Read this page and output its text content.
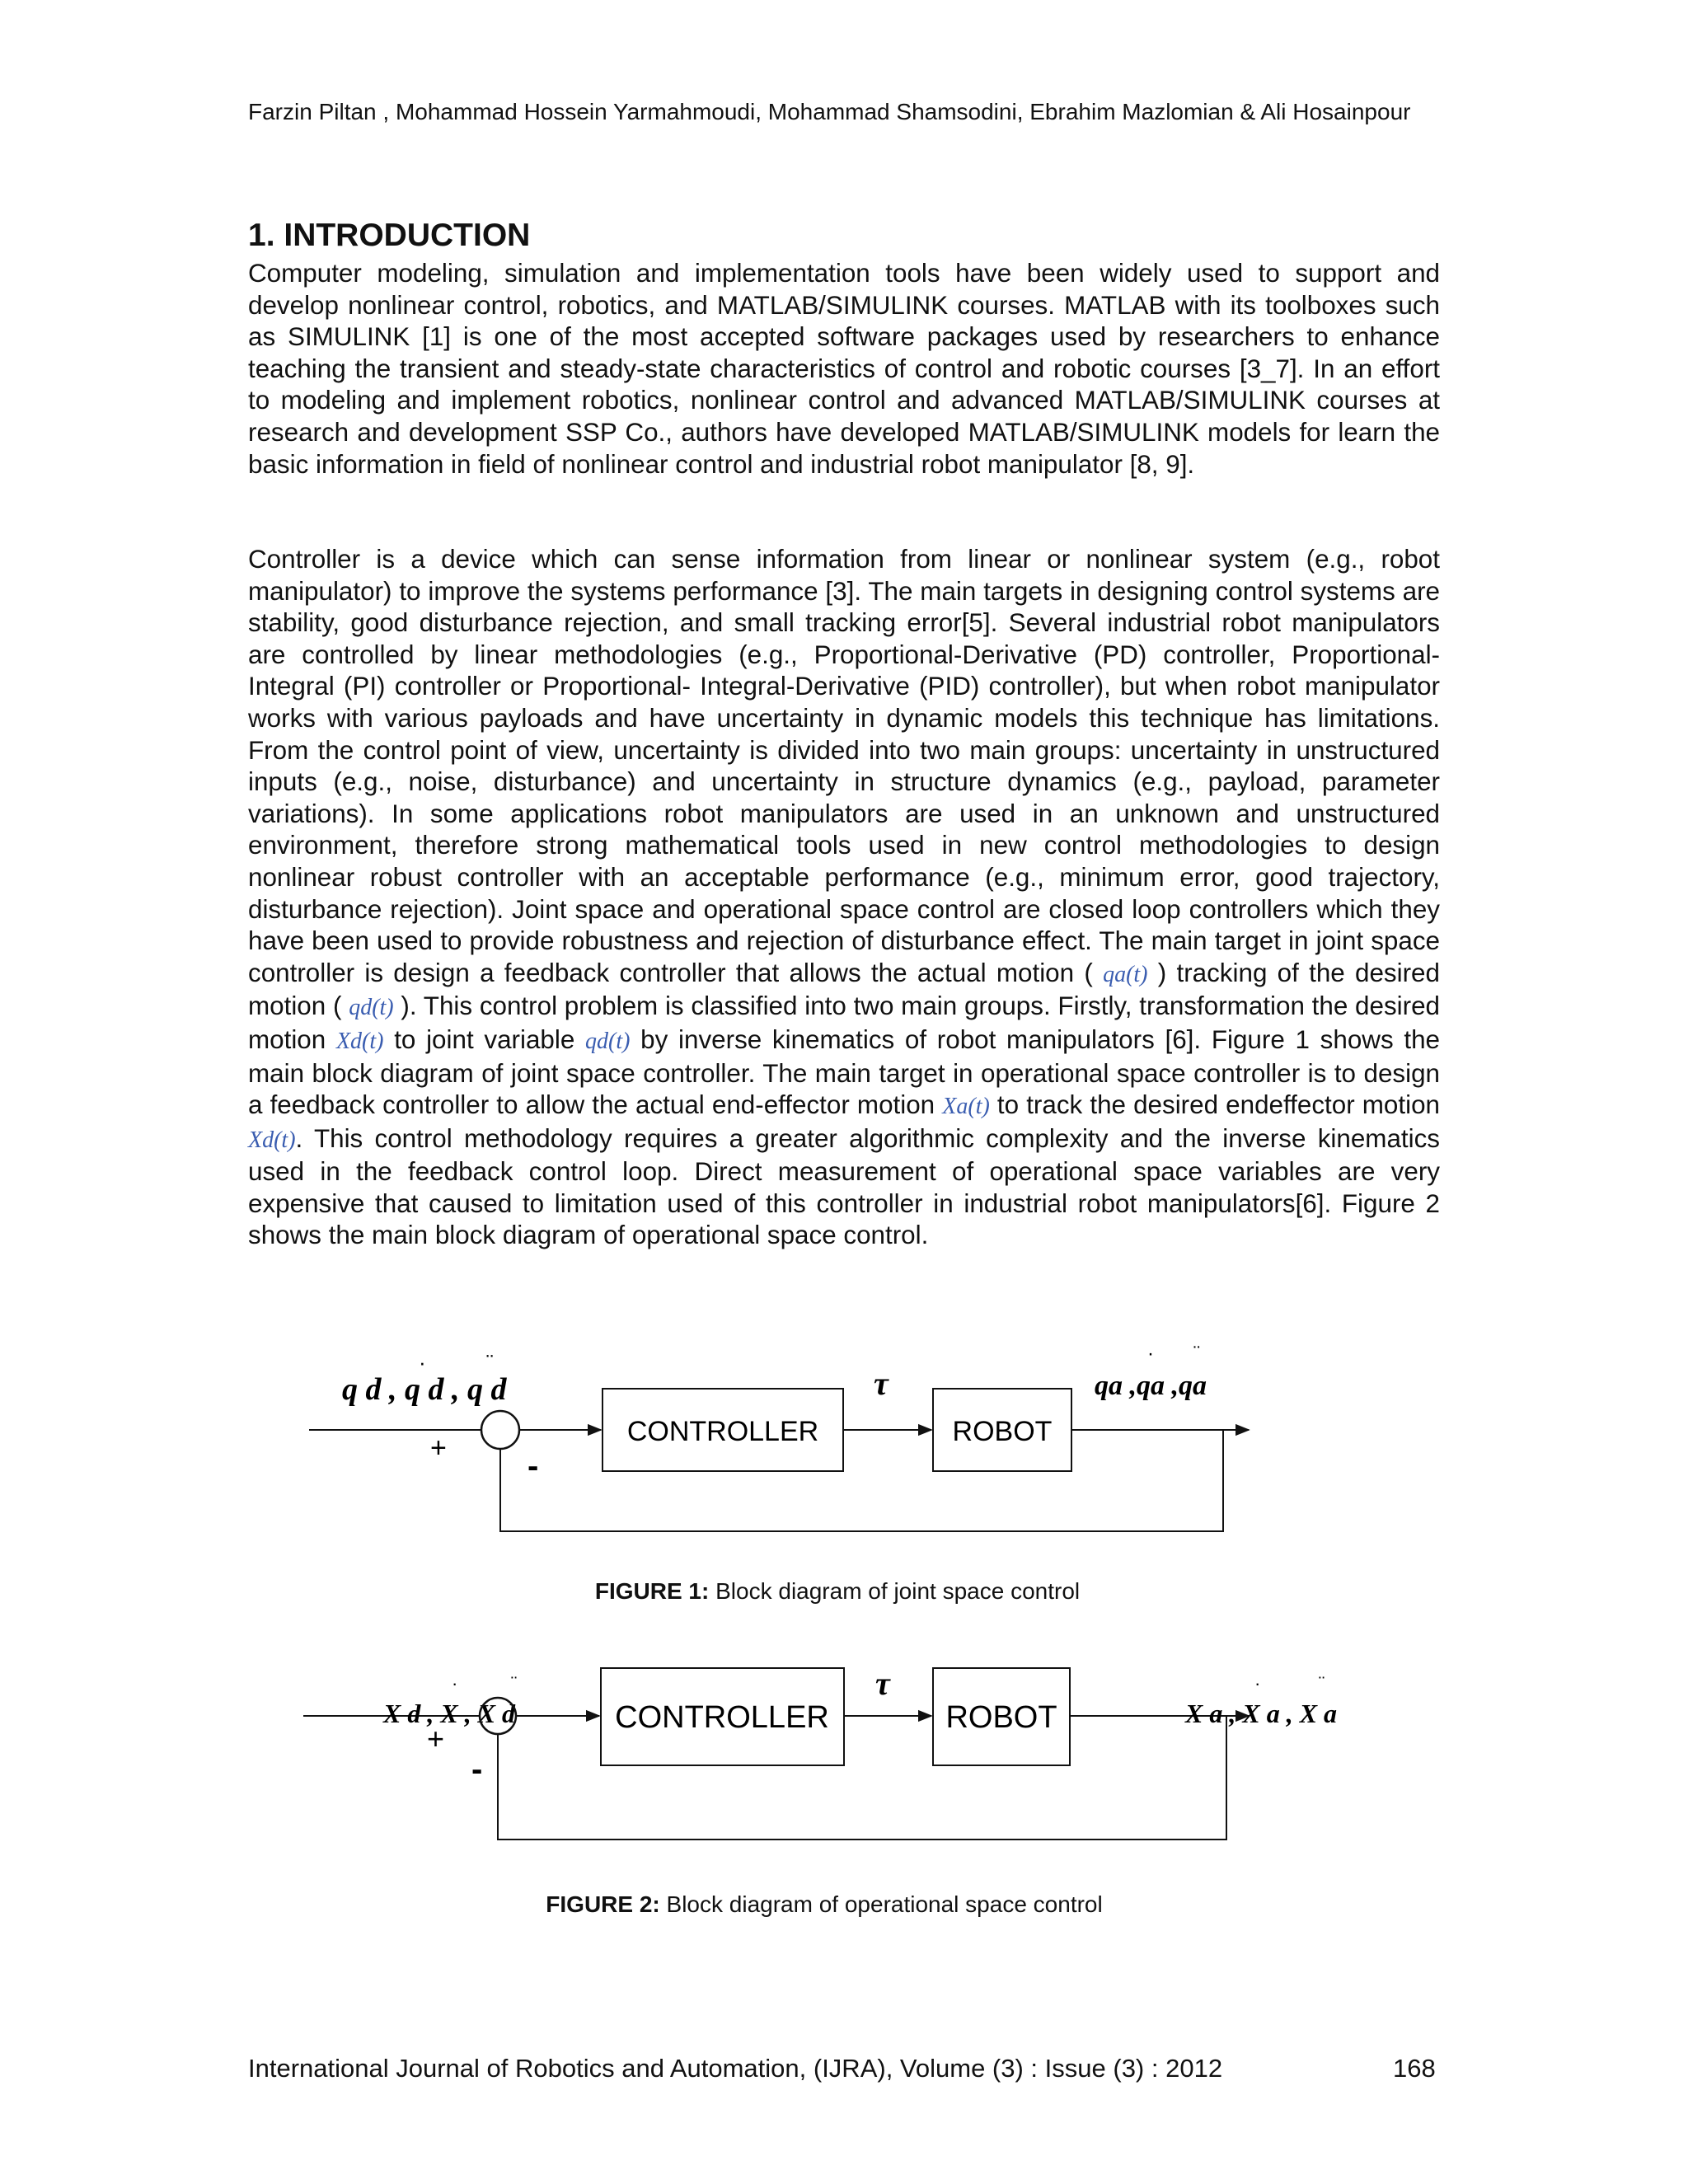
Farzin Piltan , Mohammad Hossein Yarmahmoudi, Mohammad Shamsodini, Ebrahim Mazlomian & Ali Hosainpour
1. INTRODUCTION

Computer modeling, simulation and implementation tools have been widely used to support and develop nonlinear control, robotics, and MATLAB/SIMULINK courses. MATLAB with its toolboxes such as SIMULINK [1] is one of the most accepted software packages used by researchers to enhance teaching the transient and steady-state characteristics of control and robotic courses [3_7]. In an effort to modeling and implement robotics, nonlinear control and advanced MATLAB/SIMULINK courses at research and development SSP Co., authors have developed MATLAB/SIMULINK models for learn the basic information in field of nonlinear control and industrial robot manipulator [8, 9].

Controller is a device which can sense information from linear or nonlinear system (e.g., robot manipulator) to improve the systems performance [3]. The main targets in designing control systems are stability, good disturbance rejection, and small tracking error[5]. Several industrial robot manipulators are controlled by linear methodologies (e.g., Proportional-Derivative (PD) controller, Proportional- Integral (PI) controller or Proportional- Integral-Derivative (PID) controller), but when robot manipulator works with various payloads and have uncertainty in dynamic models this technique has limitations. From the control point of view, uncertainty is divided into two main groups: uncertainty in unstructured inputs (e.g., noise, disturbance) and uncertainty in structure dynamics (e.g., payload, parameter variations). In some applications robot manipulators are used in an unknown and unstructured environment, therefore strong mathematical tools used in new control methodologies to design nonlinear robust controller with an acceptable performance (e.g., minimum error, good trajectory, disturbance rejection). Joint space and operational space control are closed loop controllers which they have been used to provide robustness and rejection of disturbance effect. The main target in joint space controller is design a feedback controller that allows the actual motion ( qa(t) ) tracking of the desired motion ( qd(t) ). This control problem is classified into two main groups. Firstly, transformation the desired motion Xd(t) to joint variable qd(t) by inverse kinematics of robot manipulators [6]. Figure 1 shows the main block diagram of joint space controller. The main target in operational space controller is to design a feedback controller to allow the actual end-effector motion Xa(t) to track the desired endeffector motion Xd(t). This control methodology requires a greater algorithmic complexity and the inverse kinematics used in the feedback control loop. Direct measurement of operational space variables are very expensive that caused to limitation used of this controller in industrial robot manipulators[6]. Figure 2 shows the main block diagram of operational space control.

q d , q d , q d
·	¨
+ -
CONTROLLER
τ
ROBOT
qa ,qa ,qa
· ¨
FIGURE 1: Block diagram of joint space control
X d , X , X d
·	¨
+
-
CONTROLLER
τ
ROBOT	X a , X a , X a
·	¨
FIGURE 2: Block diagram of operational space control
International Journal of Robotics and Automation, (IJRA), Volume (3) : Issue (3) : 2012	168
